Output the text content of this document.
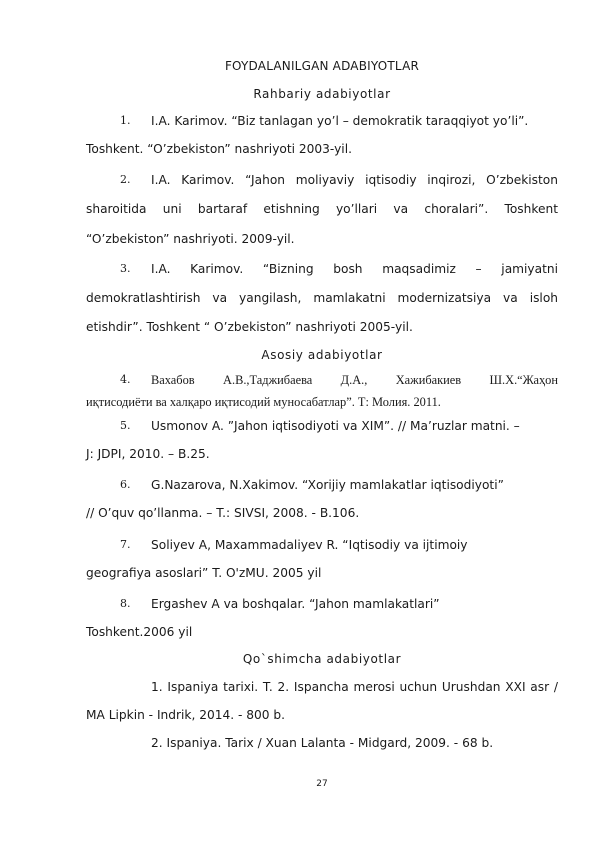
FOYDALANILGAN ADABIYOTLAR
Rahbariy adabiyotlar
1. I.A. Karimov. “Biz tanlagan yo’l – demokratik taraqqiyot yo’li”.
Toshkent. “O’zbekiston” nashriyoti 2003-yil.
2.	I.A. Karimov. “Jahon moliyaviy iqtisodiy inqirozi, O’zbekiston
sharoitida uni bartaraf etishning yo’llari va choralari”. Toshkent
“O’zbekiston” nashriyoti. 2009-yil.
3.	I.A. Karimov. “Bizning bosh maqsadimiz – jamiyatni
demokratlashtirish va yangilash, mamlakatni modernizatsiya va isloh
etishdir”. Toshkent “ O’zbekiston” nashriyoti 2005-yil.
Asosiy adabiyotlar
4.	Вахабов А.В.,Таджибаева Д.А., Хажибакиев Ш.Х.“Жаҳон
иқтисодиёти ва халқаро иқтисодий муносабатлар”. Т: Молия. 2011.
5. Usmonov A. ”Jahon iqtisodiyoti va XIM”. // Ma’ruzlar matni. –
J: JDPI, 2010. – B.25.
6. G.Nazarova, N.Xakimov. “Xorijiy mamlakatlar iqtisodiyoti”
// O’quv qo’llanma. – T.: SIVSI, 2008. - B.106.
7. Soliyev A, Maxammadaliyev R. “Iqtisodiy va ijtimoiy
geografiya asoslari” T. O'zMU. 2005 yil
8. Ergashev A va boshqalar. “Jahon mamlakatlari”
Toshkent.2006 yil
Qo`shimcha adabiyotlar
1. Ispaniya tarixi. T. 2. Ispancha merosi uchun Urushdan XXI asr /
MA Lipkin - Indrik, 2014. - 800 b.
2. Ispaniya. Tarix / Xuan Lalanta - Midgard, 2009. - 68 b.
27
